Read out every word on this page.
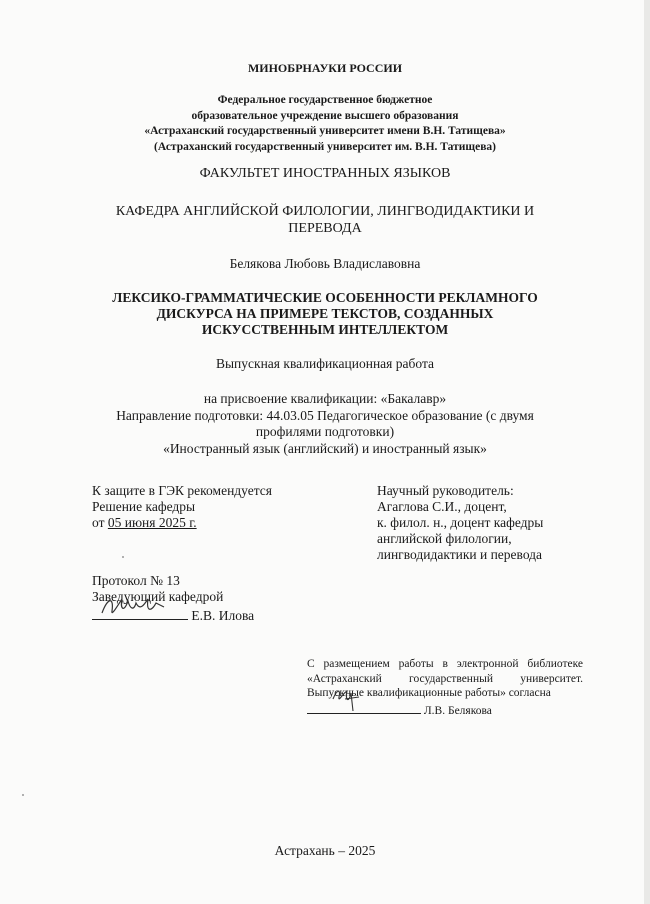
МИНОБРНАУКИ РОССИИ
Федеральное государственное бюджетное
образовательное учреждение высшего образования
«Астраханский государственный университет имени В.Н. Татищева»
(Астраханский государственный университет им. В.Н. Татищева)
ФАКУЛЬТЕТ ИНОСТРАННЫХ ЯЗЫКОВ
КАФЕДРА АНГЛИЙСКОЙ ФИЛОЛОГИИ, ЛИНГВОДИДАКТИКИ И ПЕРЕВОДА
Белякова Любовь Владиславовна
ЛЕКСИКО-ГРАММАТИЧЕСКИЕ ОСОБЕННОСТИ РЕКЛАМНОГО ДИСКУРСА НА ПРИМЕРЕ ТЕКСТОВ, СОЗДАННЫХ ИСКУССТВЕННЫМ ИНТЕЛЛЕКТОМ
Выпускная квалификационная работа
на присвоение квалификации: «Бакалавр»
Направление подготовки: 44.03.05 Педагогическое образование (с двумя профилями подготовки)
«Иностранный язык (английский) и иностранный язык»
К защите в ГЭК рекомендуется
Решение кафедры
от 05 июня 2025 г.
Научный руководитель:
Агаглова С.И., доцент,
к. филол. н., доцент кафедры
английской филологии,
лингводидактики и перевода
Протокол № 13
Заведующий кафедрой
Е.В. Илова
С размещением работы в электронной библиотеке «Астраханский государственный университет. Выпускные квалификационные работы» согласна
Л.В. Белякова
Астрахань – 2025
